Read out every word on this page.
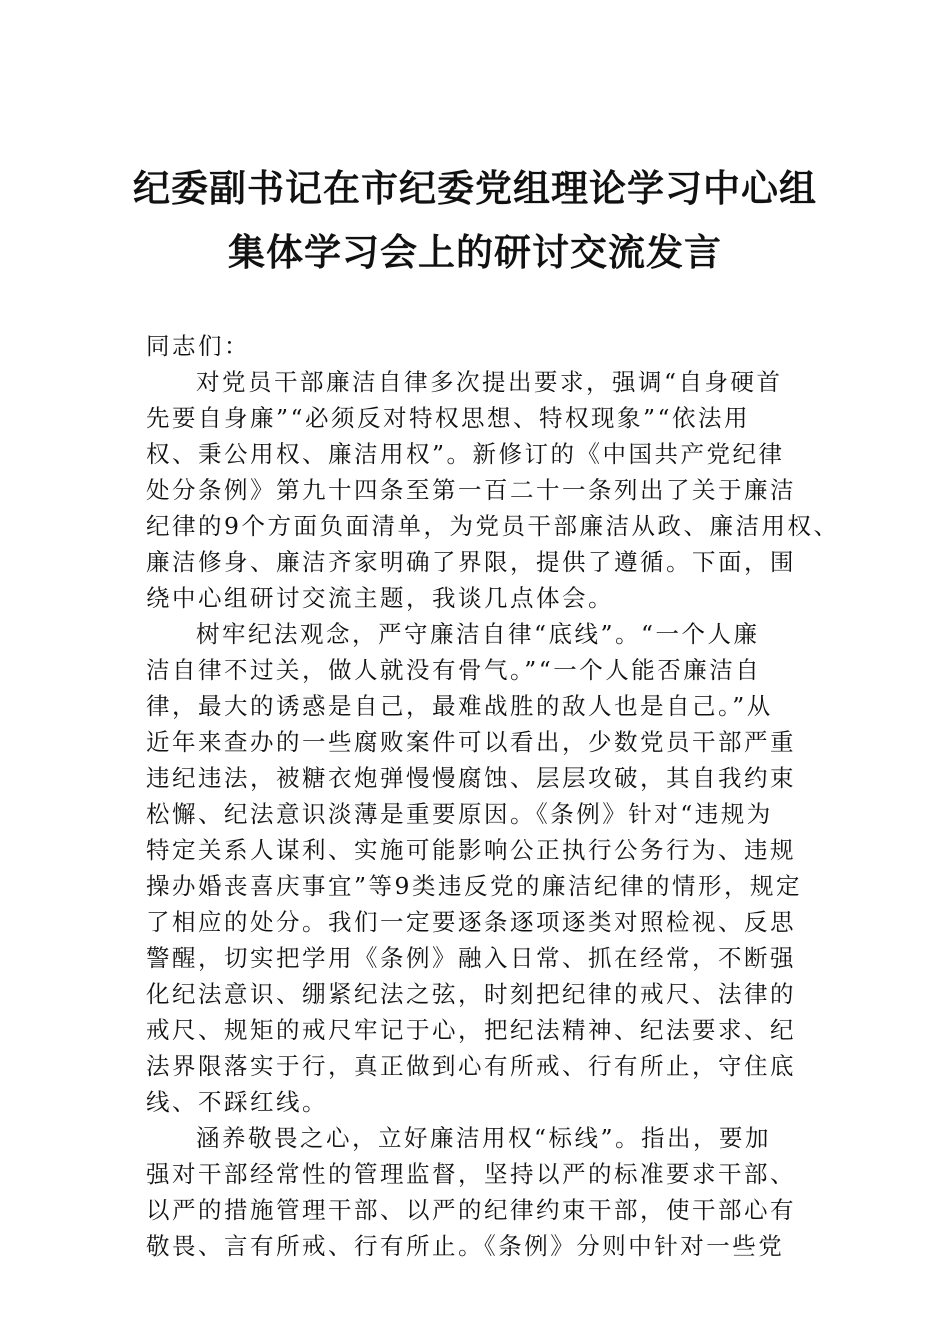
纪委副书记在市纪委党组理论学习中心组
集体学习会上的研讨交流发言
同志们：
对党员干部廉洁自律多次提出要求，强调“自身硬首
先要自身廉”“必须反对特权思想、特权现象”“依法用
权、秉公用权、廉洁用权”。新修订的《中国共产党纪律
处分条例》第九十四条至第一百二十一条列出了关于廉洁
纪律的9个方面负面清单，为党员干部廉洁从政、廉洁用权、
廉洁修身、廉洁齐家明确了界限，提供了遵循。下面，围
绕中心组研讨交流主题，我谈几点体会。
树牢纪法观念，严守廉洁自律“底线”。“一个人廉
洁自律不过关，做人就没有骨气。”“一个人能否廉洁自
律，最大的诱惑是自己，最难战胜的敌人也是自己。”从
近年来查办的一些腐败案件可以看出，少数党员干部严重
违纪违法，被糖衣炮弹慢慢腐蚀、层层攻破，其自我约束
松懈、纪法意识淡薄是重要原因。《条例》针对“违规为
特定关系人谋利、实施可能影响公正执行公务行为、违规
操办婚丧喜庆事宜”等9类违反党的廉洁纪律的情形，规定
了相应的处分。我们一定要逐条逐项逐类对照检视、反思
警醒，切实把学用《条例》融入日常、抓在经常，不断强
化纪法意识、绷紧纪法之弦，时刻把纪律的戒尺、法律的
戒尺、规矩的戒尺牢记于心，把纪法精神、纪法要求、纪
法界限落实于行，真正做到心有所戒、行有所止，守住底
线、不踩红线。
涵养敬畏之心，立好廉洁用权“标线”。指出，要加
强对干部经常性的管理监督，坚持以严的标准要求干部、
以严的措施管理干部、以严的纪律约束干部，使干部心有
敬畏、言有所戒、行有所止。《条例》分则中针对一些党
